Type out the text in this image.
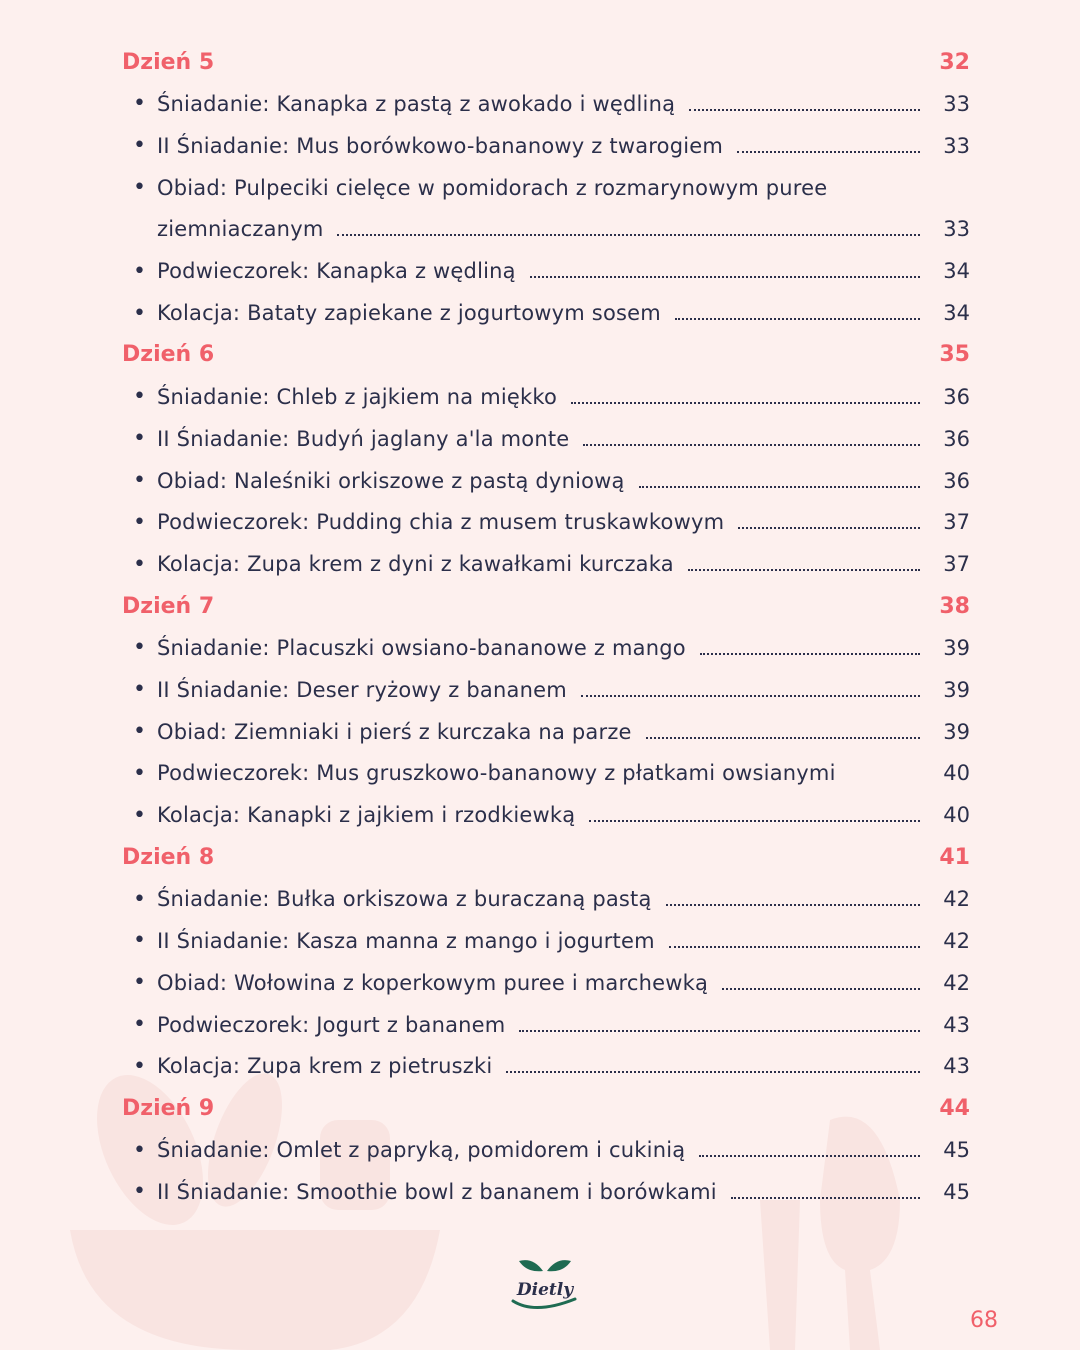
Dzień 5	32
• Śniadanie: Kanapka z pastą z awokado i wędliną	33
• II Śniadanie: Mus borówkowo-bananowy z twarogiem	33
• Obiad: Pulpeciki cielęce w pomidorach z rozmarynowym puree
ziemniaczanym	33
• Podwieczorek: Kanapka z wędliną	34
• Kolacja: Bataty zapiekane z jogurtowym sosem	34
Dzień 6	35
• Śniadanie: Chleb z jajkiem na miękko	36
• II Śniadanie: Budyń jaglany a'la monte	36
• Obiad: Naleśniki orkiszowe z pastą dyniową	36
• Podwieczorek: Pudding chia z musem truskawkowym	37
• Kolacja: Zupa krem z dyni z kawałkami kurczaka	37
Dzień 7	38
• Śniadanie: Placuszki owsiano-bananowe z mango	39
• II Śniadanie: Deser ryżowy z bananem	39
• Obiad: Ziemniaki i pierś z kurczaka na parze	39
• Podwieczorek: Mus gruszkowo-bananowy z płatkami owsianymi	40
• Kolacja: Kanapki z jajkiem i rzodkiewką	40
Dzień 8	41
• Śniadanie: Bułka orkiszowa z buraczaną pastą	42
• II Śniadanie: Kasza manna z mango i jogurtem	42
• Obiad: Wołowina z koperkowym puree i marchewką	42
• Podwieczorek: Jogurt z bananem	43
• Kolacja: Zupa krem z pietruszki	43
Dzień 9	44
• Śniadanie: Omlet z papryką, pomidorem i cukinią	45
• II Śniadanie: Smoothie bowl z bananem i borówkami	45
Dietly
68
